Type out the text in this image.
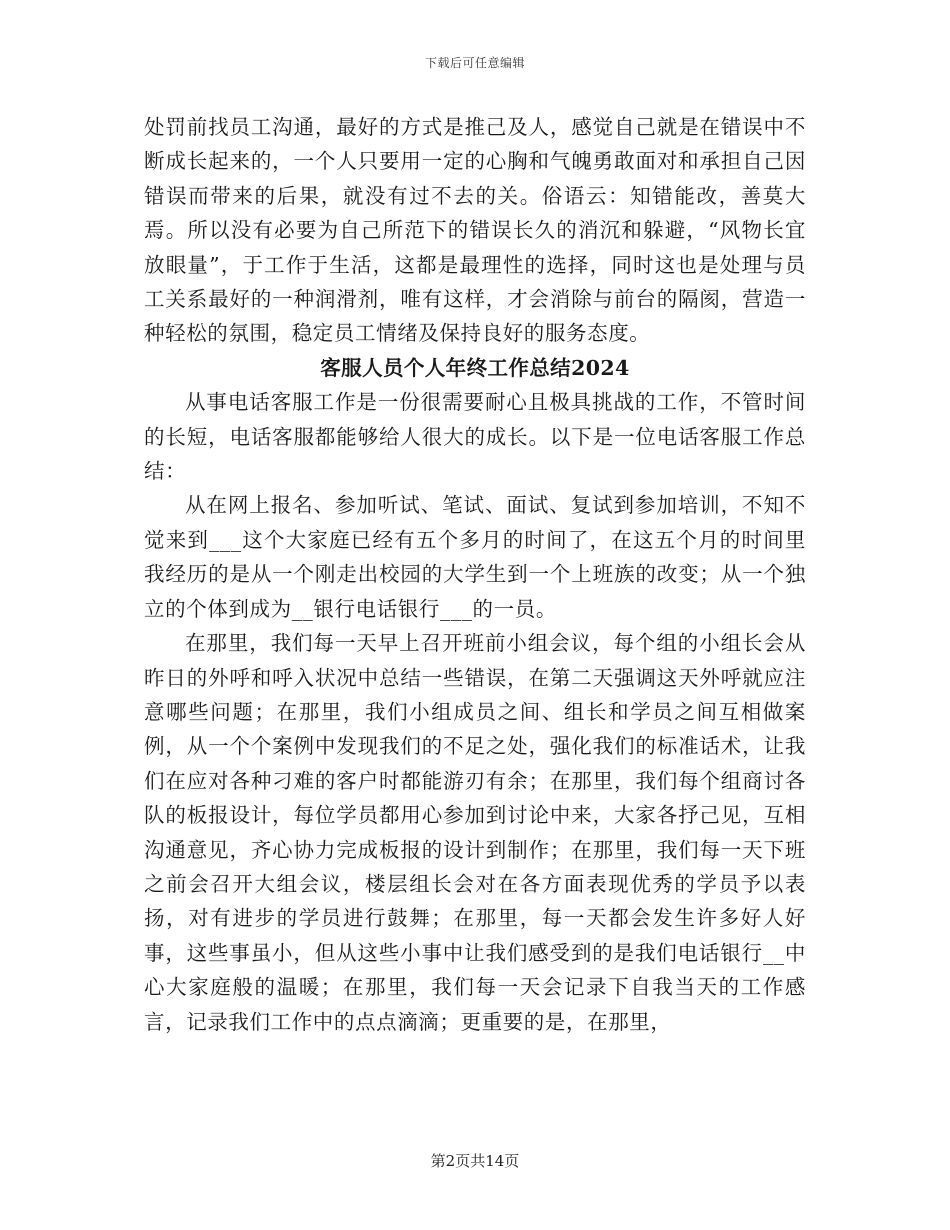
下载后可任意编辑

处罚前找员工沟通，最好的方式是推己及人，感觉自己就是在错误中不断成长起来的，一个人只要用一定的心胸和气魄勇敢面对和承担自己因错误而带来的后果，就没有过不去的关。俗语云：知错能改，善莫大焉。所以没有必要为自己所范下的错误长久的消沉和躲避，“风物长宜放眼量”，于工作于生活，这都是最理性的选择，同时这也是处理与员工关系最好的一种润滑剂，唯有这样，才会消除与前台的隔阂，营造一种轻松的氛围，稳定员工情绪及保持良好的服务态度。

客服人员个人年终工作总结2024

从事电话客服工作是一份很需要耐心且极具挑战的工作，不管时间的长短，电话客服都能够给人很大的成长。以下是一位电话客服工作总结：

从在网上报名、参加听试、笔试、面试、复试到参加培训，不知不觉来到___这个大家庭已经有五个多月的时间了，在这五个月的时间里我经历的是从一个刚走出校园的大学生到一个上班族的改变；从一个独立的个体到成为__银行电话银行___的一员。

在那里，我们每一天早上召开班前小组会议，每个组的小组长会从昨日的外呼和呼入状况中总结一些错误，在第二天强调这天外呼就应注意哪些问题；在那里，我们小组成员之间、组长和学员之间互相做案例，从一个个案例中发现我们的不足之处，强化我们的标准话术，让我们在应对各种刁难的客户时都能游刃有余；在那里，我们每个组商讨各队的板报设计，每位学员都用心参加到讨论中来，大家各抒己见，互相沟通意见，齐心协力完成板报的设计到制作；在那里，我们每一天下班之前会召开大组会议，楼层组长会对在各方面表现优秀的学员予以表扬，对有进步的学员进行鼓舞；在那里，每一天都会发生许多好人好事，这些事虽小，但从这些小事中让我们感受到的是我们电话银行__中心大家庭般的温暖；在那里，我们每一天会记录下自我当天的工作感言，记录我们工作中的点点滴滴；更重要的是，在那里，

第2页共14页
